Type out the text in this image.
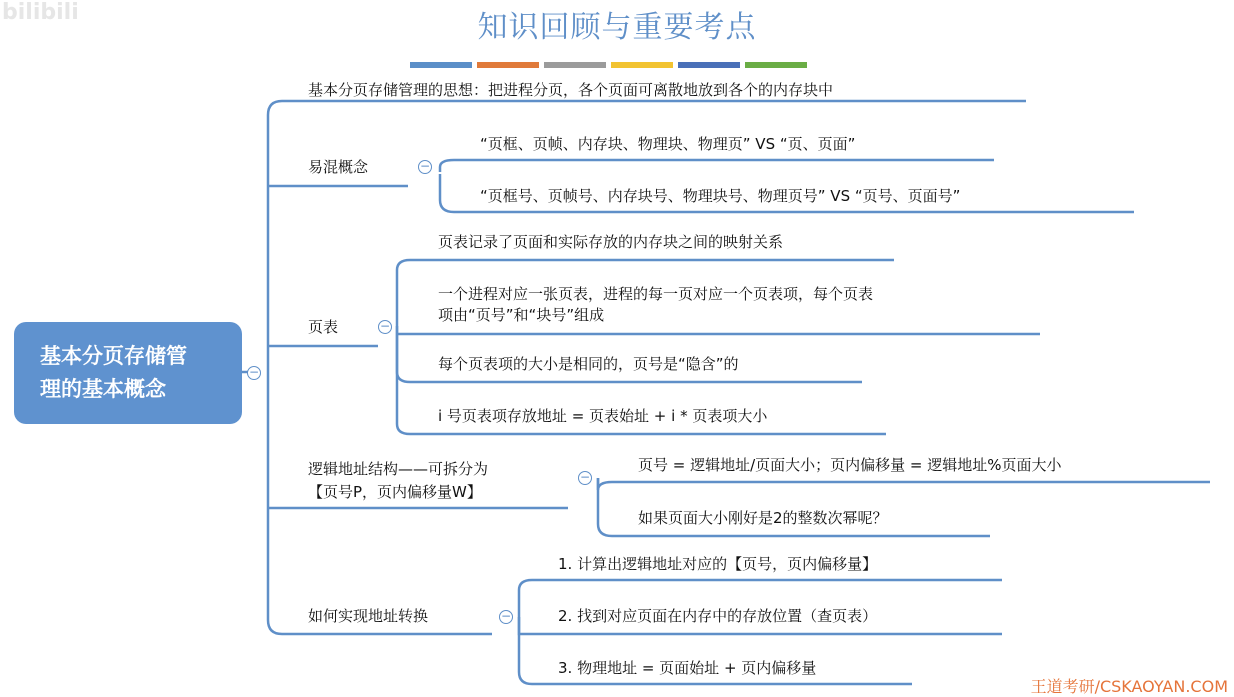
bilibili	知识回顾与重要考点
基本分页存储管
理的基本概念
−
基本分页存储管理的思想：把进程分页，各个页面可离散地放到各个的内存块中
易混概念	−
“页框、页帧、内存块、物理块、物理页” VS “页、页面”
“页框号、页帧号、内存块号、物理块号、物理页号” VS “页号、页面号”
页表	−
页表记录了页面和实际存放的内存块之间的映射关系
一个进程对应一张页表，进程的每一页对应一个页表项，每个页表
项由“页号”和“块号”组成
每个页表项的大小是相同的，页号是“隐含”的
i 号页表项存放地址 = 页表始址 + i * 页表项大小
逻辑地址结构——可拆分为
【页号P，页内偏移量W】
−
页号 = 逻辑地址/页面大小；页内偏移量 = 逻辑地址%页面大小
如果页面大小刚好是2的整数次幂呢？
如何实现地址转换	−
1. 计算出逻辑地址对应的【页号，页内偏移量】
2. 找到对应页面在内存中的存放位置（查页表）
3. 物理地址 = 页面始址 + 页内偏移量
王道考研/CSKAOYAN.COM
